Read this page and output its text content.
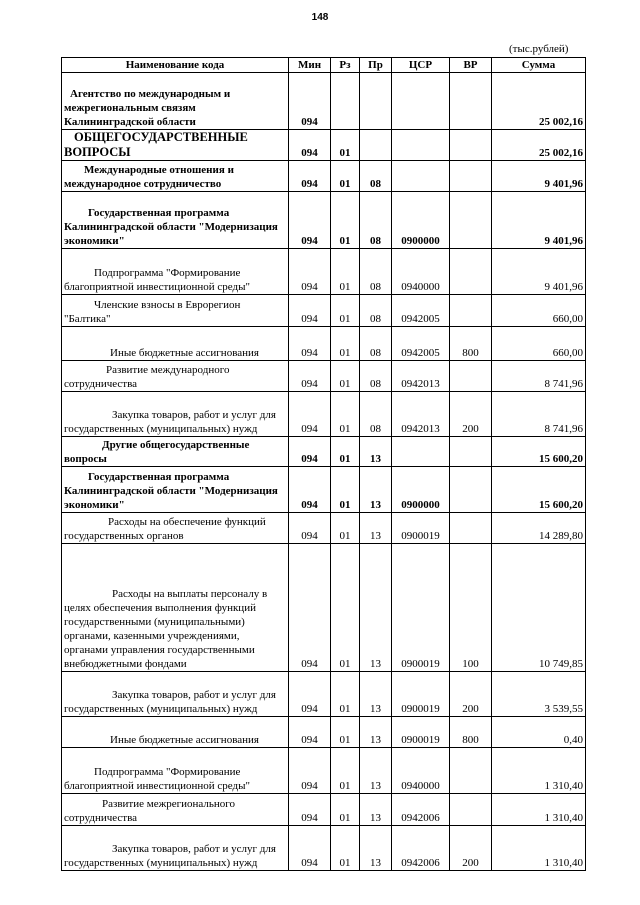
148
(тыс.рублей)
Наименование кода	Мин	Рз	Пр	ЦСР	ВР	Сумма
Агентство по международным и межрегиональным связям Калининградской области	094					25 002,16
ОБЩЕГОСУДАРСТВЕННЫЕ ВОПРОСЫ	094	01				25 002,16
Международные отношения и международное сотрудничество	094	01	08			9 401,96
Государственная программа Калининградской области "Модернизация экономики"	094	01	08	0900000		9 401,96
Подпрограмма "Формирование благоприятной инвестиционной среды"	094	01	08	0940000		9 401,96
Членские взносы в Еврорегион "Балтика"	094	01	08	0942005		660,00
Иные бюджетные ассигнования	094	01	08	0942005	800	660,00
Развитие международного сотрудничества	094	01	08	0942013		8 741,96
Закупка товаров, работ и услуг для государственных (муниципальных) нужд	094	01	08	0942013	200	8 741,96
Другие общегосударственные вопросы	094	01	13			15 600,20
Государственная программа Калининградской области "Модернизация экономики"	094	01	13	0900000		15 600,20
Расходы на обеспечение функций государственных органов	094	01	13	0900019		14 289,80
Расходы на выплаты персоналу в целях обеспечения выполнения функций государственными (муниципальными) органами, казенными учреждениями, органами управления государственными внебюджетными фондами	094	01	13	0900019	100	10 749,85
Закупка товаров, работ и услуг для государственных (муниципальных) нужд	094	01	13	0900019	200	3 539,55
Иные бюджетные ассигнования	094	01	13	0900019	800	0,40
Подпрограмма "Формирование благоприятной инвестиционной среды"	094	01	13	0940000		1 310,40
Развитие межрегионального сотрудничества	094	01	13	0942006		1 310,40
Закупка товаров, работ и услуг для государственных (муниципальных) нужд	094	01	13	0942006	200	1 310,40
